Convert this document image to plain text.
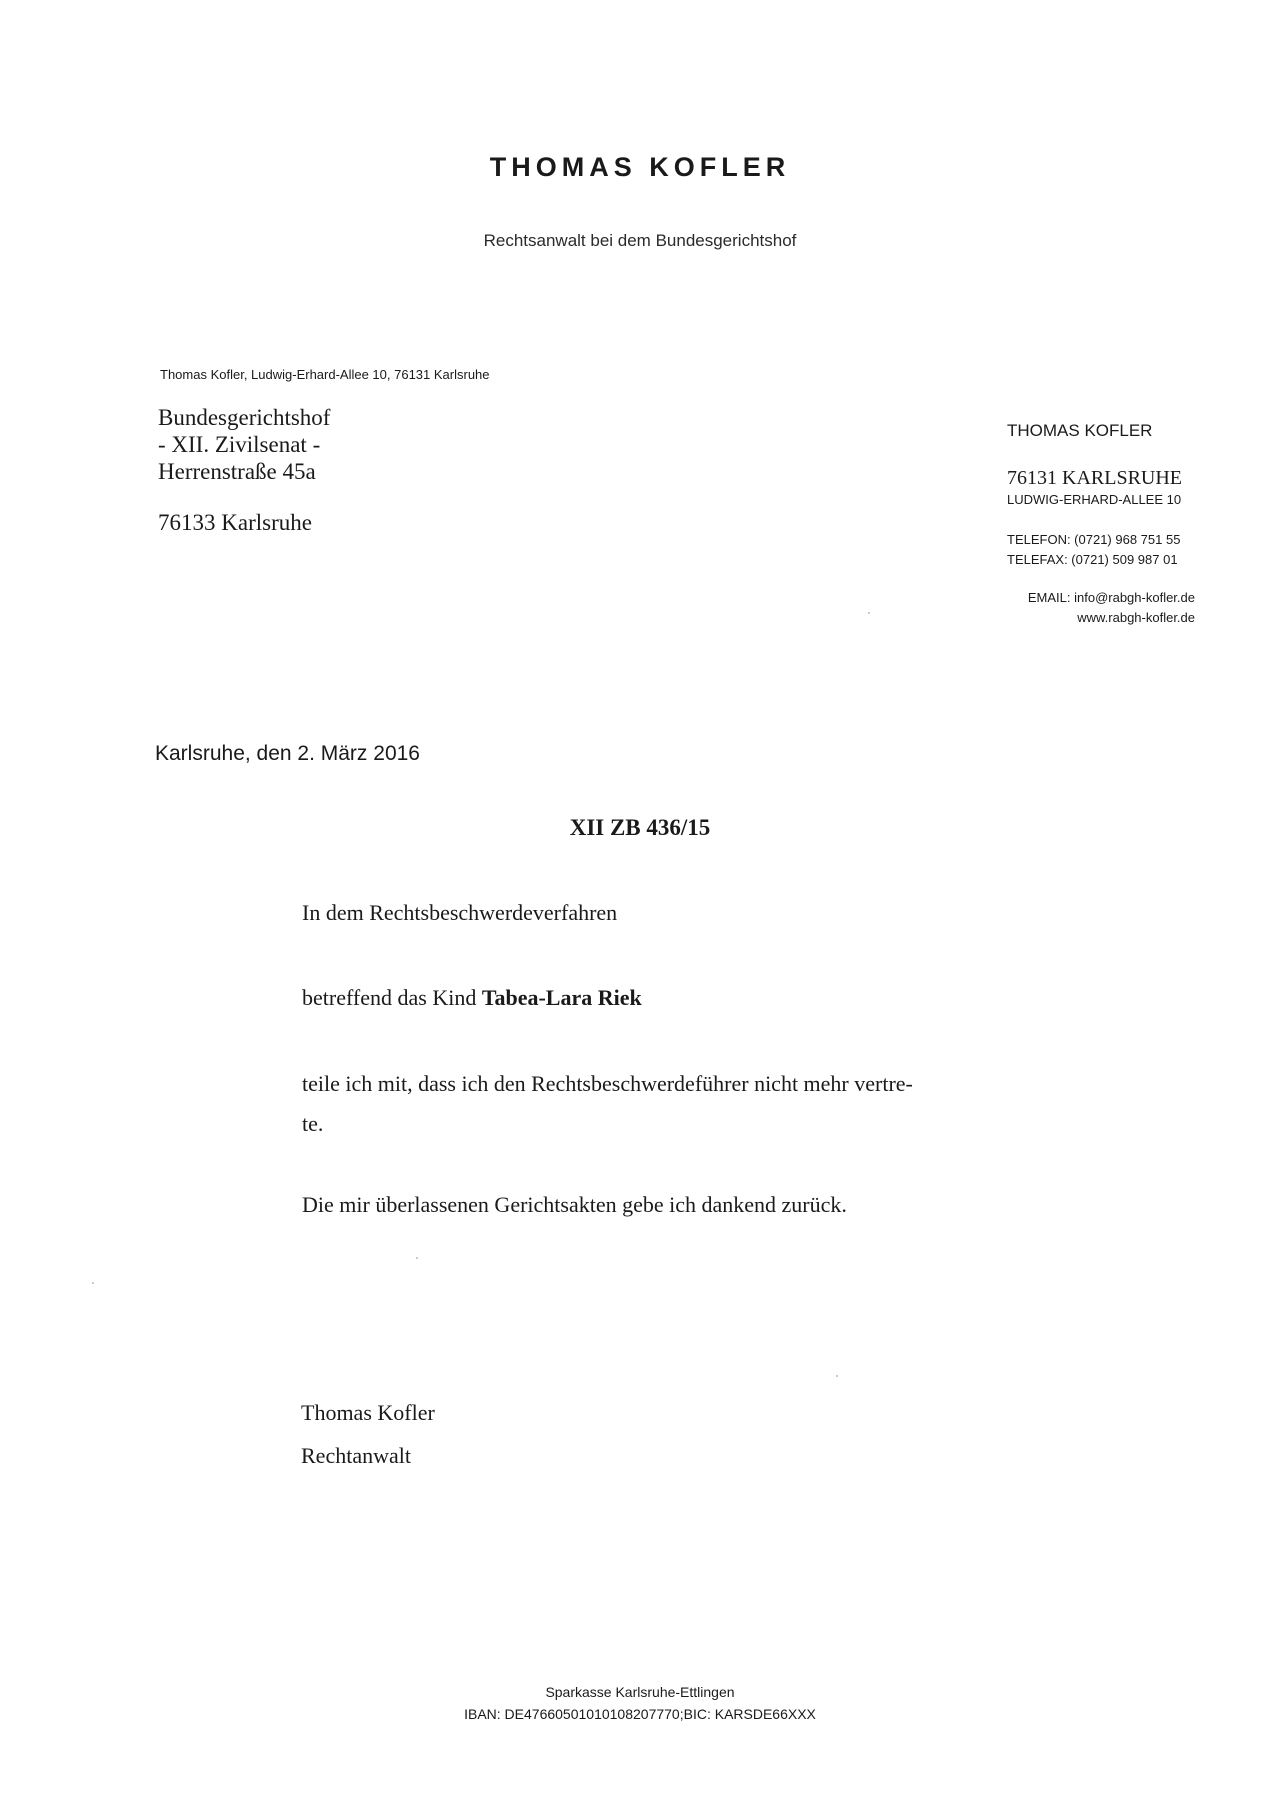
THOMAS KOFLER
Rechtsanwalt bei dem Bundesgerichtshof
Thomas Kofler, Ludwig-Erhard-Allee 10, 76131 Karlsruhe
Bundesgerichtshof
- XII. Zivilsenat -
Herrenstraße 45a
76133 Karlsruhe
THOMAS KOFLER
76131 KARLSRUHE
LUDWIG-ERHARD-ALLEE 10
TELEFON: (0721) 968 751 55
TELEFAX: (0721) 509 987 01
EMAIL: info@rabgh-kofler.de
www.rabgh-kofler.de
Karlsruhe, den 2. März 2016
XII ZB 436/15
In dem Rechtsbeschwerdeverfahren
betreffend das Kind Tabea-Lara Riek
teile ich mit, dass ich den Rechtsbeschwerdeführer nicht mehr vertre-
te.
Die mir überlassenen Gerichtsakten gebe ich dankend zurück.
Thomas Kofler
Rechtanwalt
Sparkasse Karlsruhe-Ettlingen
IBAN: DE47660501010108207770;BIC: KARSDE66XXX
